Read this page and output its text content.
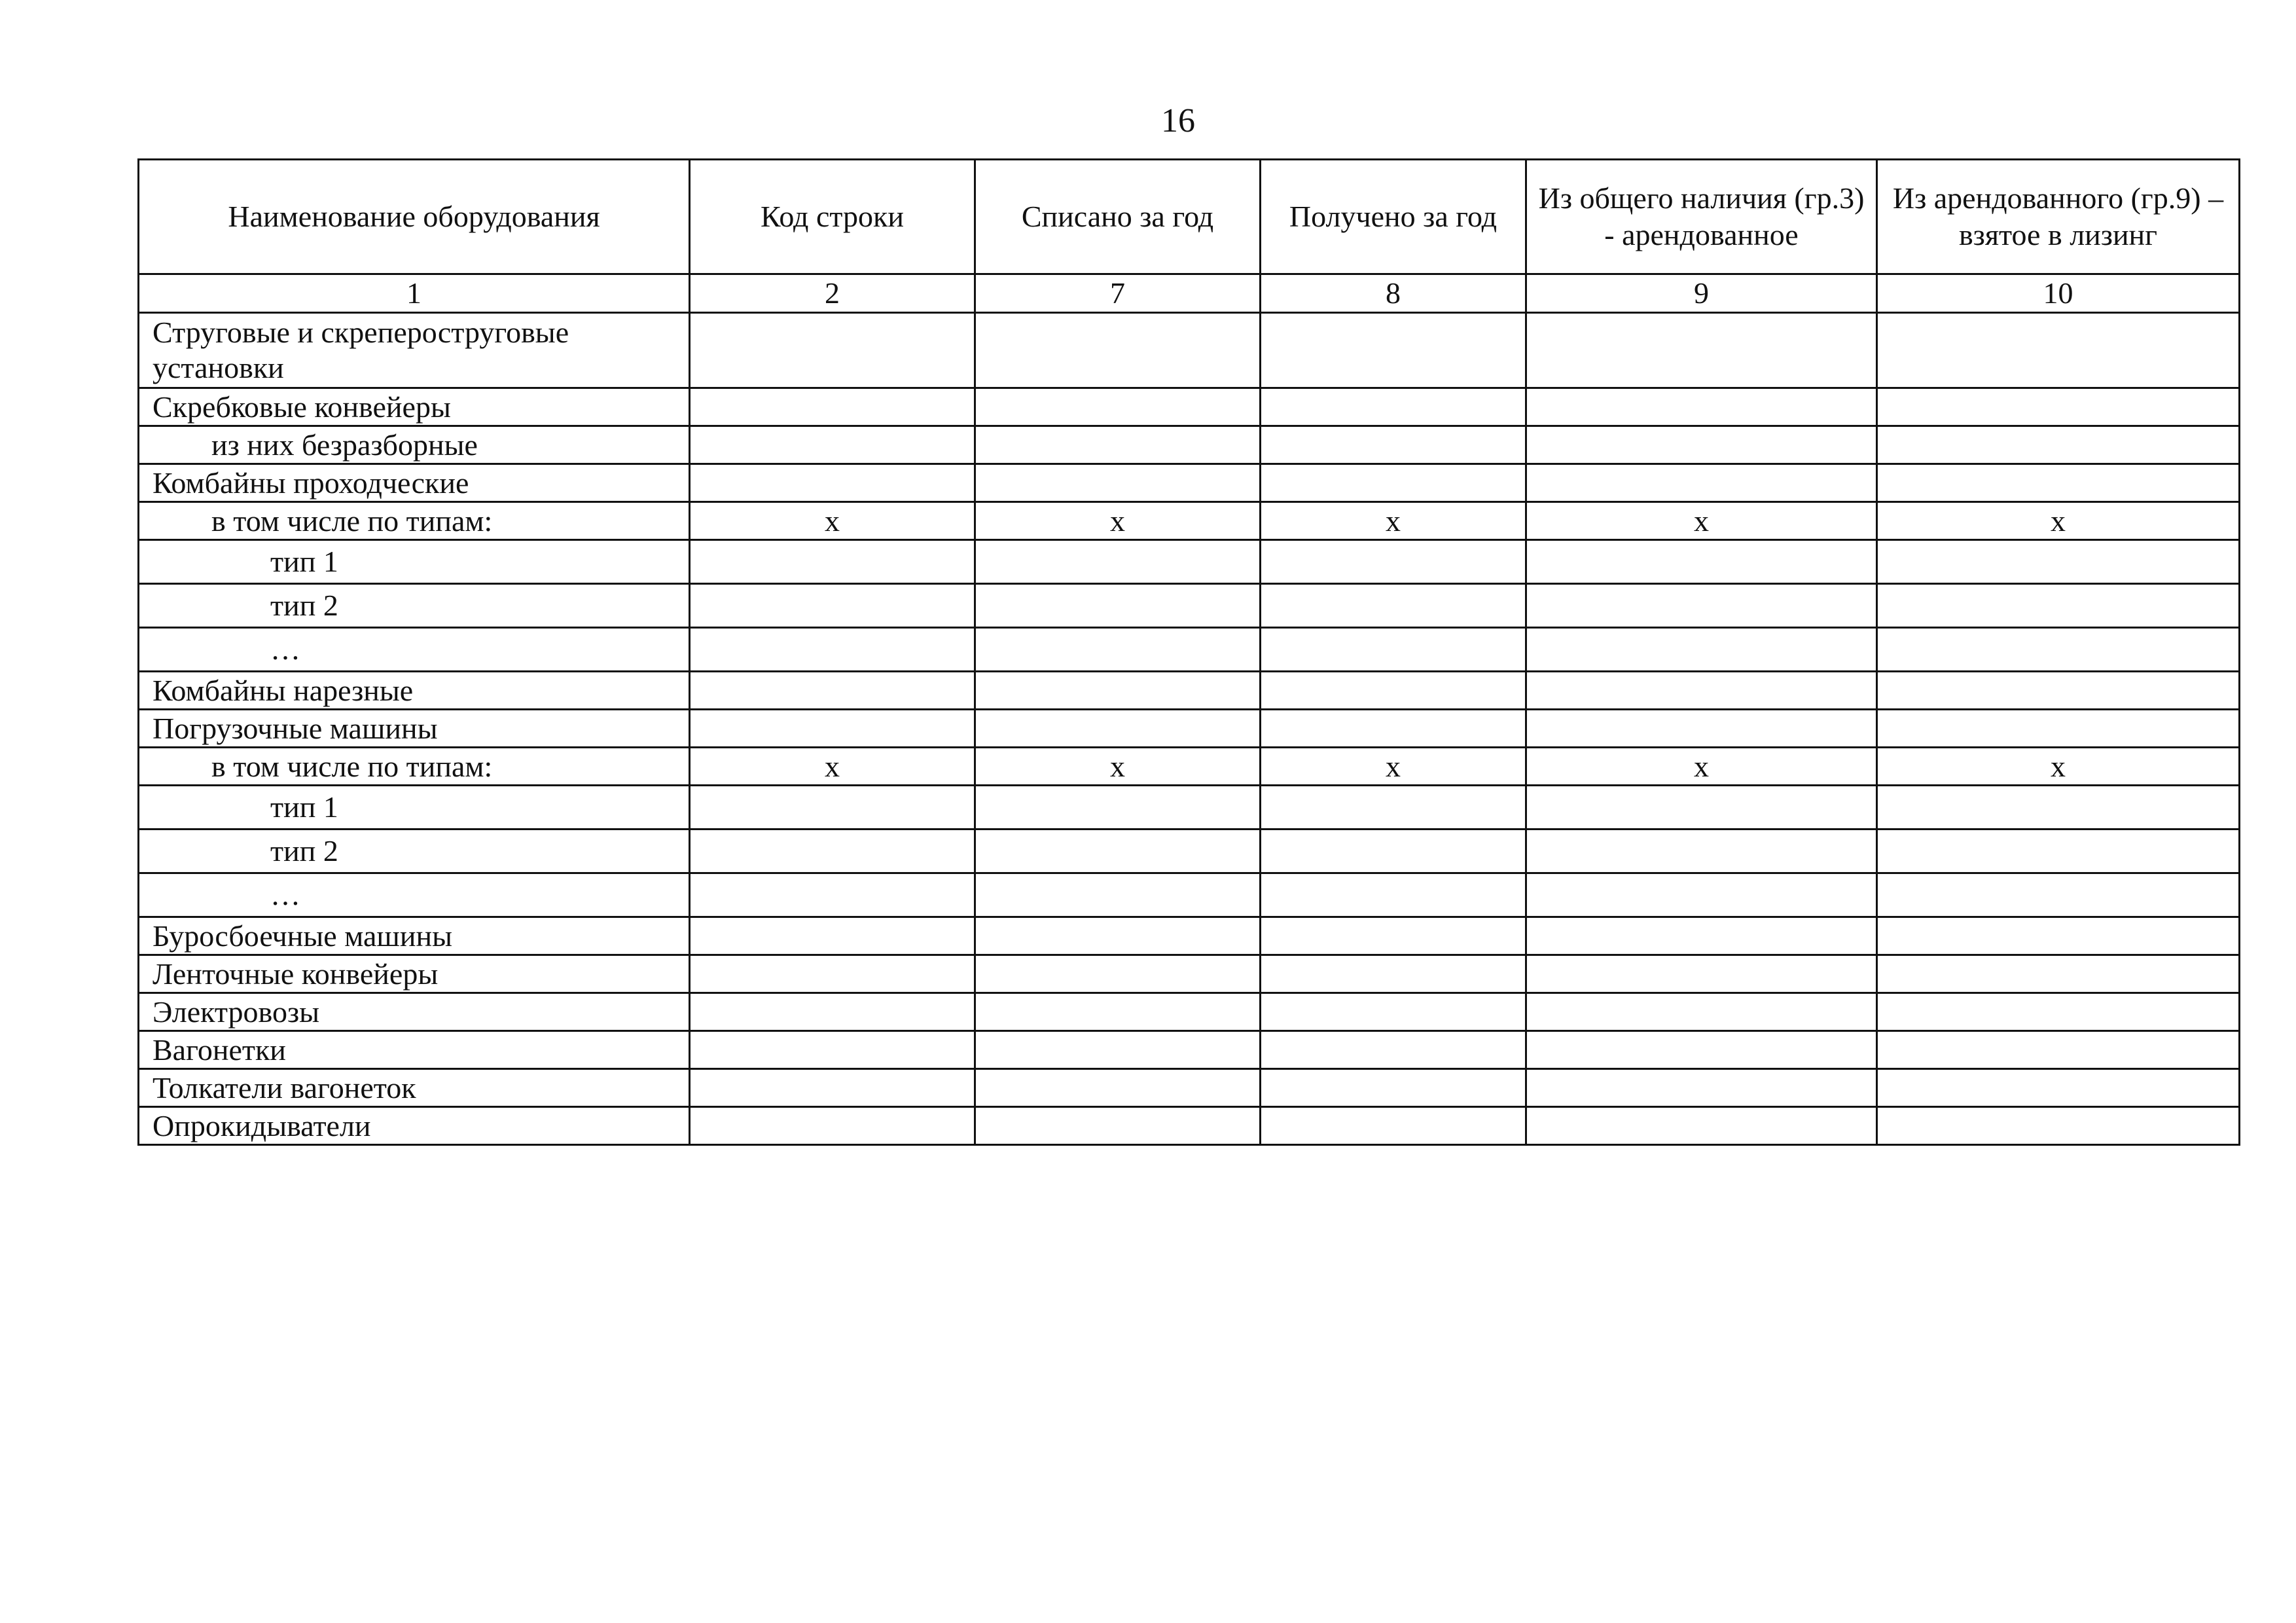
16
Наименование оборудования	Код строки	Списано за год	Получено за год	Из общего наличия (гр.3) - арендованное	Из арендованного (гр.9) – взятое в лизинг
1	2	7	8	9	10
Струговые и скрепероструговые установки					
Скребковые конвейеры					
из них безразборные					
Комбайны проходческие					
в том числе по типам:	x	x	x	x	x
тип 1					
тип 2					
…					
Комбайны нарезные					
Погрузочные машины					
в том числе по типам:	x	x	x	x	x
тип 1					
тип 2					
…					
Буросбоечные машины					
Ленточные конвейеры					
Электровозы					
Вагонетки					
Толкатели вагонеток					
Опрокидыватели					
